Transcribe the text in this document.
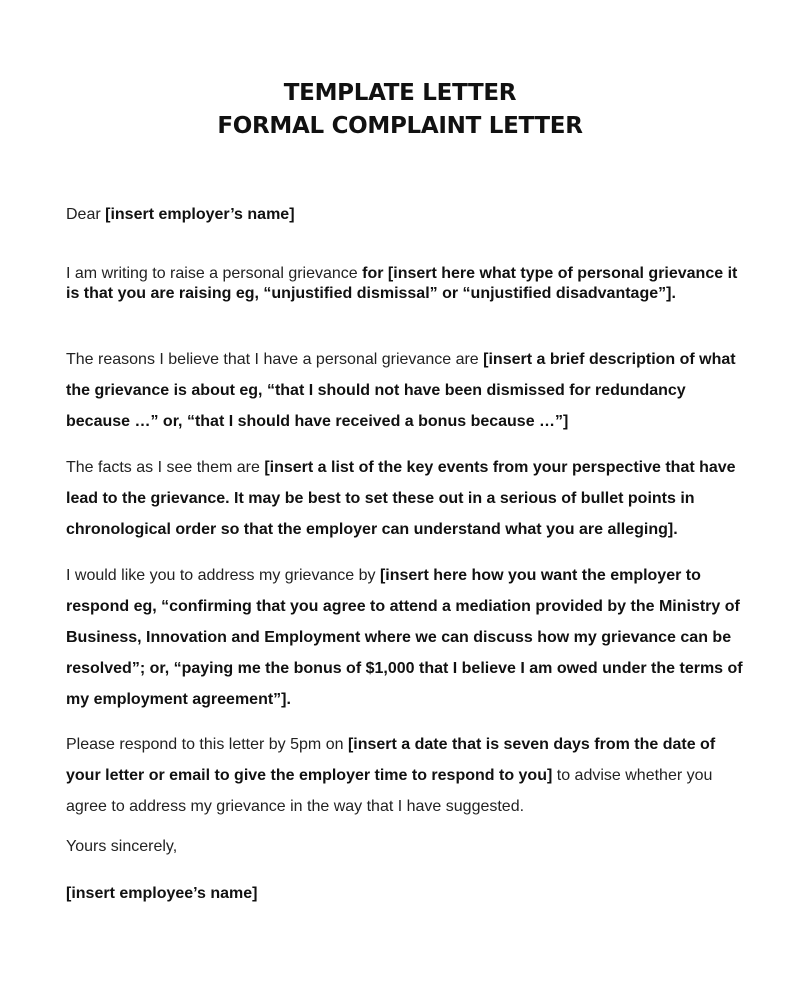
TEMPLATE LETTER
FORMAL COMPLAINT LETTER

Dear [insert employer’s name]

I am writing to raise a personal grievance for [insert here what type of personal grievance it is that you are raising eg, “unjustified dismissal” or “unjustified disadvantage”].

The reasons I believe that I have a personal grievance are [insert a brief description of what the grievance is about eg, “that I should not have been dismissed for redundancy because …” or, “that I should have received a bonus because …”]

The facts as I see them are [insert a list of the key events from your perspective that have lead to the grievance. It may be best to set these out in a serious of bullet points in chronological order so that the employer can understand what you are alleging].

I would like you to address my grievance by [insert here how you want the employer to respond eg, “confirming that you agree to attend a mediation provided by the Ministry of Business, Innovation and Employment where we can discuss how my grievance can be resolved”; or, “paying me the bonus of $1,000 that I believe I am owed under the terms of my employment agreement”].

Please respond to this letter by 5pm on [insert a date that is seven days from the date of your letter or email to give the employer time to respond to you] to advise whether you agree to address my grievance in the way that I have suggested.

Yours sincerely,

[insert employee’s name]
